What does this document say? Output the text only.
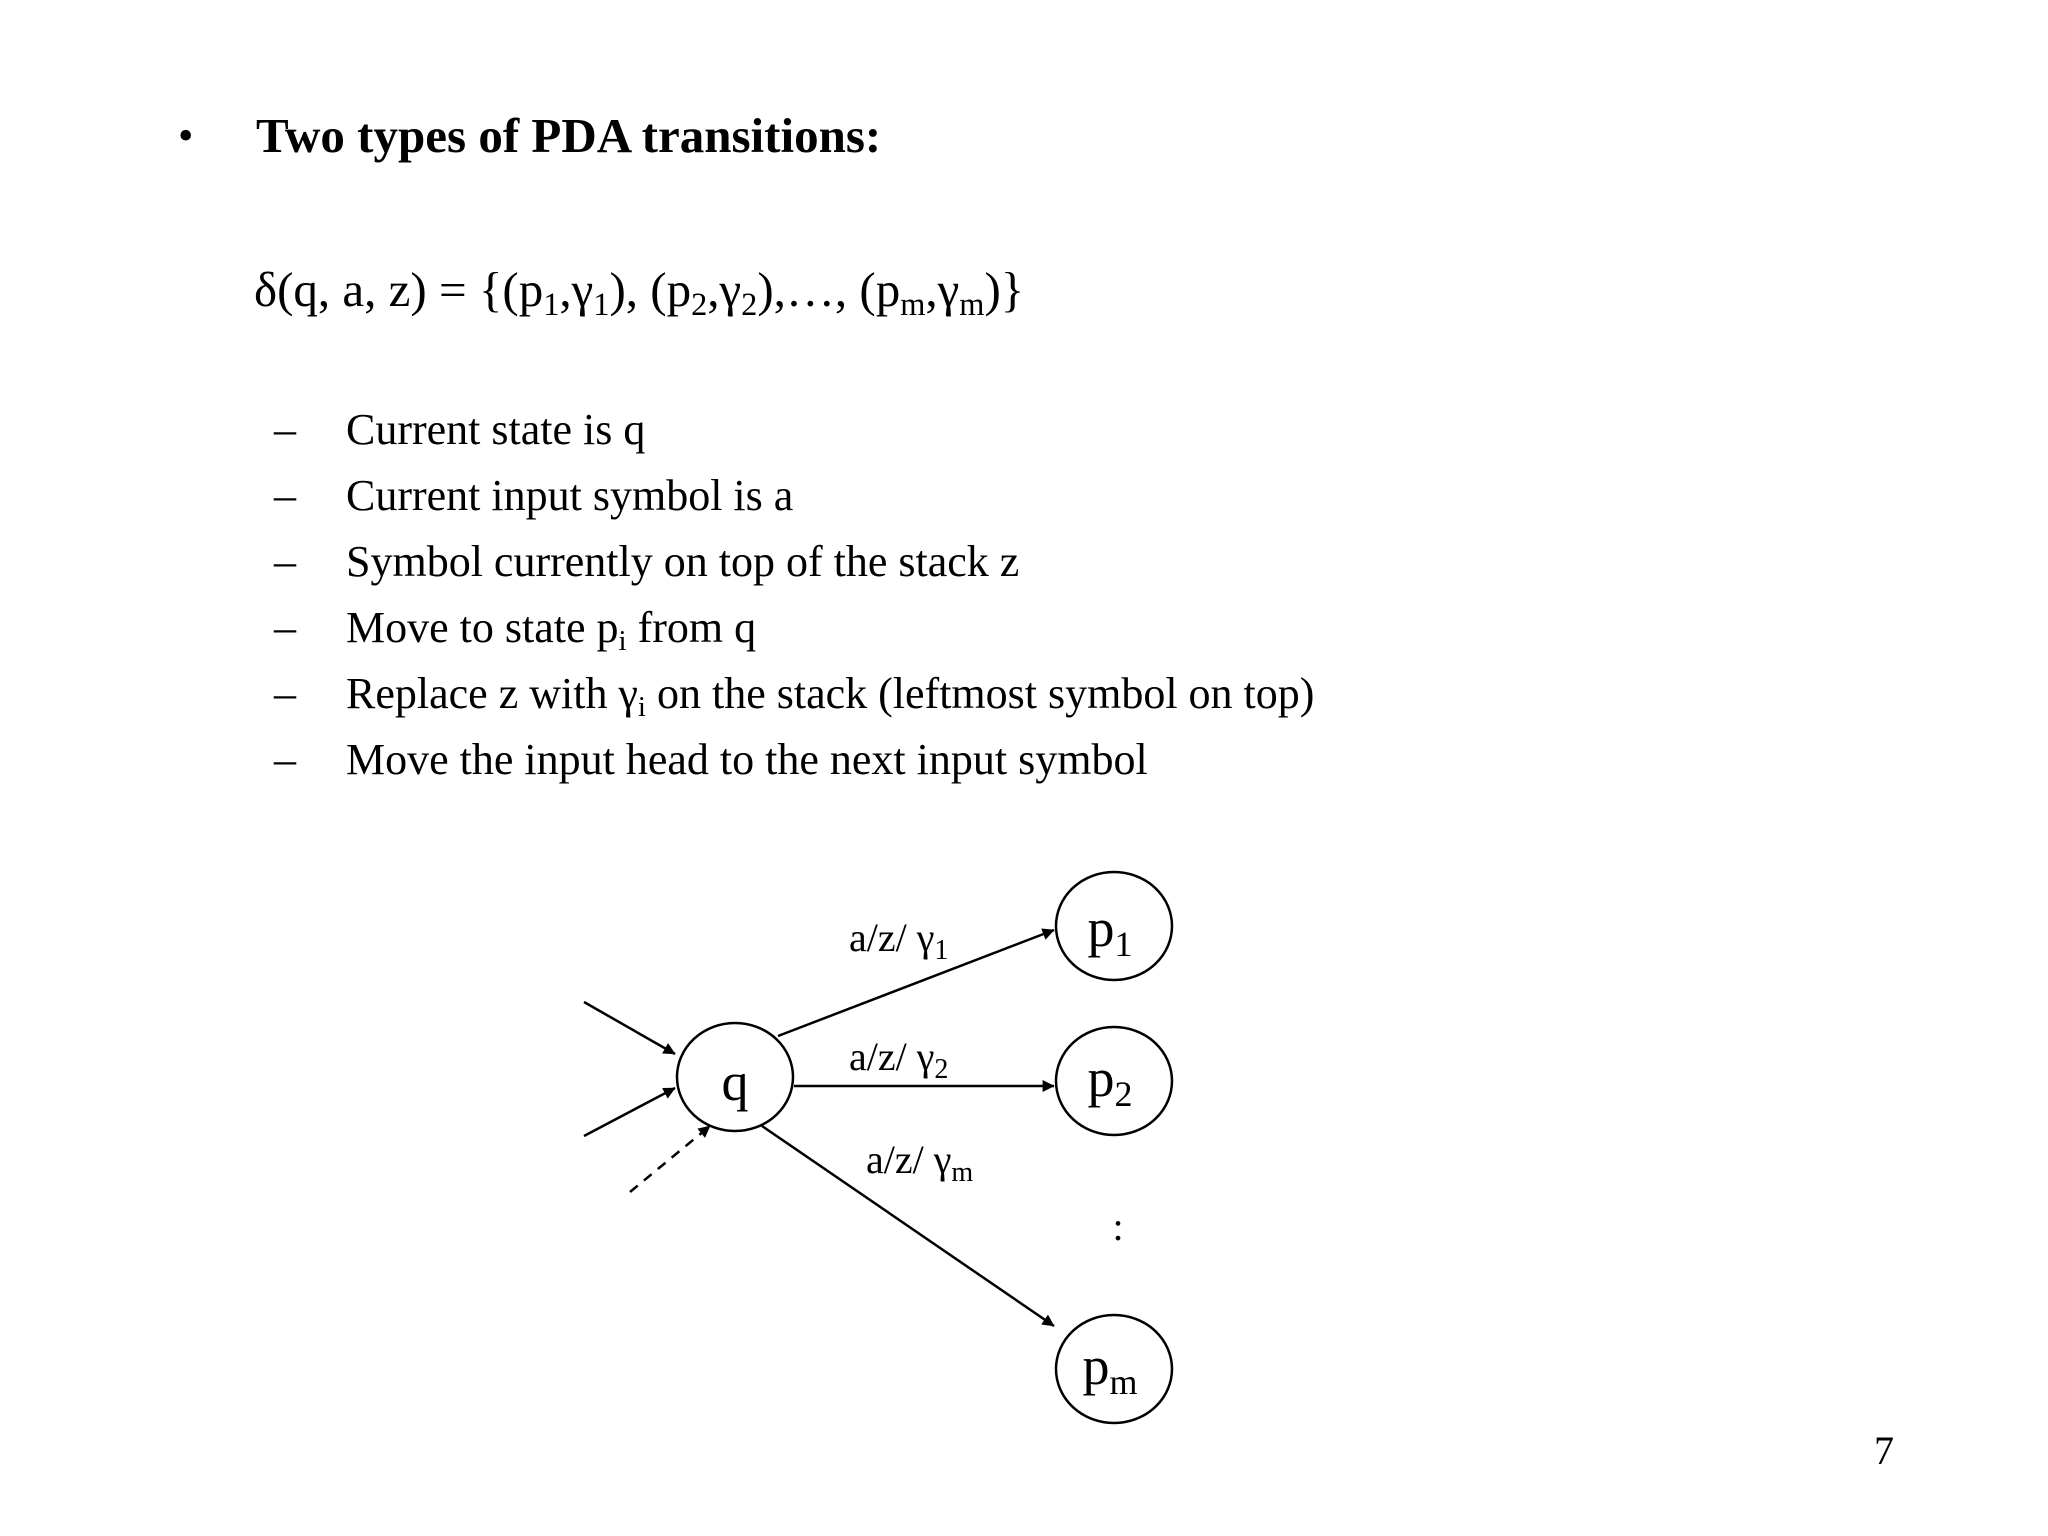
• Two types of PDA transitions:
δ(q, a, $z) = \{(p_1,\gamma_1)$, $(p_2,\gamma_2),\dots$, $(p_m,\gamma_m)$}
– Current state is q
– Current input symbol is a
– Symbol currently on top of the stack z
– Move to state $p_i$ from q
– Replace z with $\gamma_i$ on the stack (leftmost symbol on top)
– Move the input head to the next input symbol
q
p1
p2
pm
a/z/ $\gamma_1$
a/z/ $\gamma_2$
a/z/ $\gamma_m$
:
7
